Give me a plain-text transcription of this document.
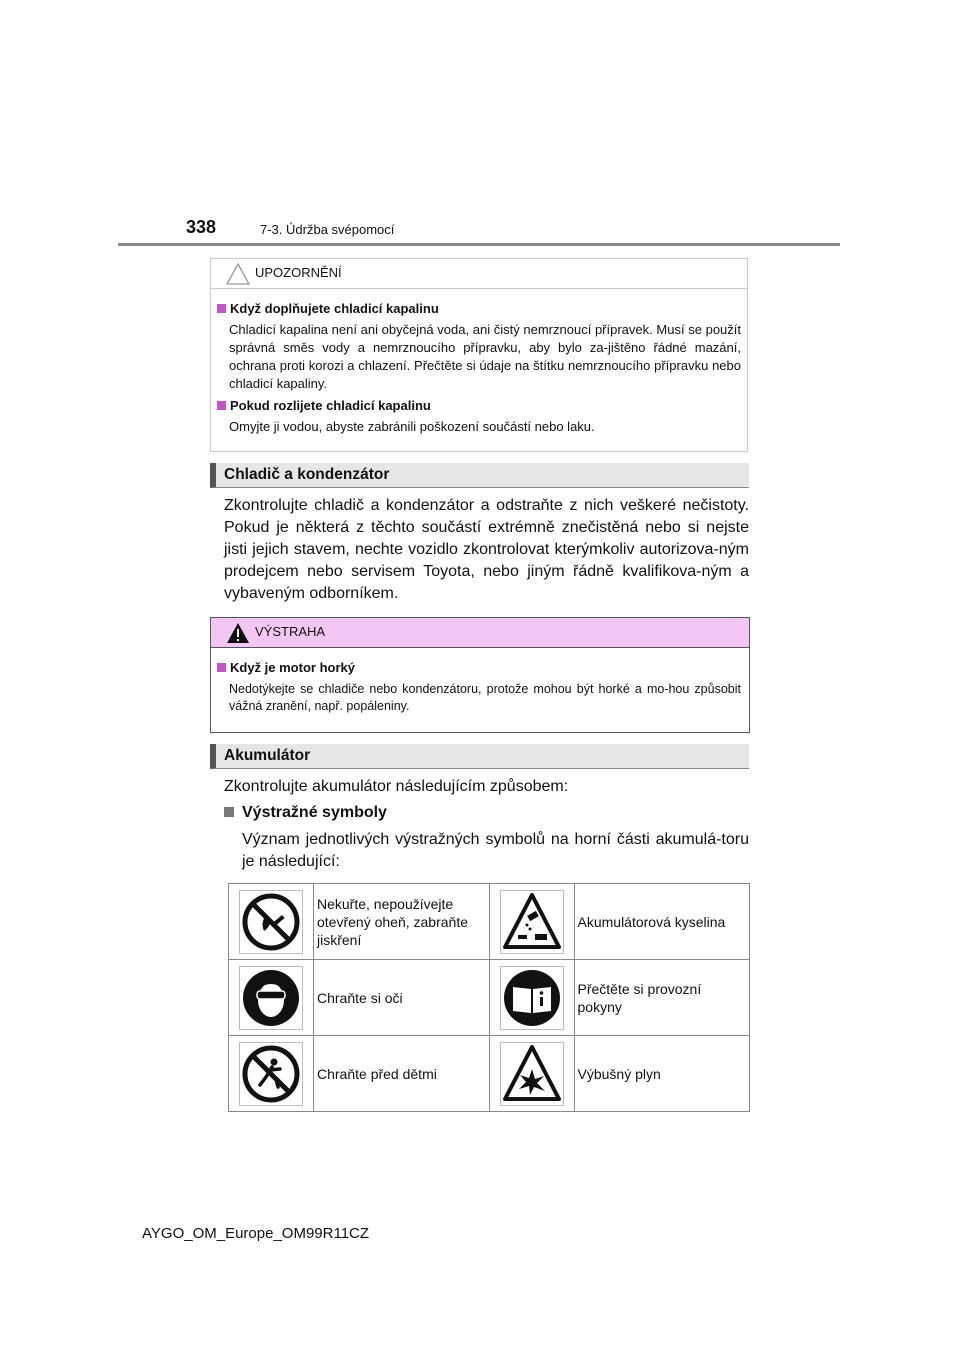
338	7-3. Údržba svépomocí
UPOZORNĚNÍ
Když doplňujete chladicí kapalinu
Chladicí kapalina není ani obyčejná voda, ani čistý nemrznoucí přípravek. Musí se použít správná směs vody a nemrznoucího přípravku, aby bylo za-jištěno řádné mazání, ochrana proti korozi a chlazení. Přečtěte si údaje na štítku nemrznoucího přípravku nebo chladicí kapaliny.
Pokud rozlijete chladicí kapalinu
Omyjte ji vodou, abyste zabránili poškození součástí nebo laku.
Chladič a kondenzátor
Zkontrolujte chladič a kondenzátor a odstraňte z nich veškeré nečistoty. Pokud je některá z těchto součástí extrémně znečistěná nebo si nejste jisti jejich stavem, nechte vozidlo zkontrolovat kterýmkoliv autorizova-ným prodejcem nebo servisem Toyota, nebo jiným řádně kvalifikova-ným a vybaveným odborníkem.
VÝSTRAHA
Když je motor horký
Nedotýkejte se chladiče nebo kondenzátoru, protože mohou být horké a mo-hou způsobit vážná zranění, např. popáleniny.
Akumulátor
Zkontrolujte akumulátor následujícím způsobem:
Výstražné symboly
Význam jednotlivých výstražných symbolů na horní části akumulá-toru je následující:
	Nekuřte, nepoužívejte otevřený oheň, zabraňte jiskření		Akumulátorová kyselina
	Chraňte si oči		Přečtěte si provozní pokyny
	Chraňte před dětmi		Výbušný plyn
AYGO_OM_Europe_OM99R11CZ
